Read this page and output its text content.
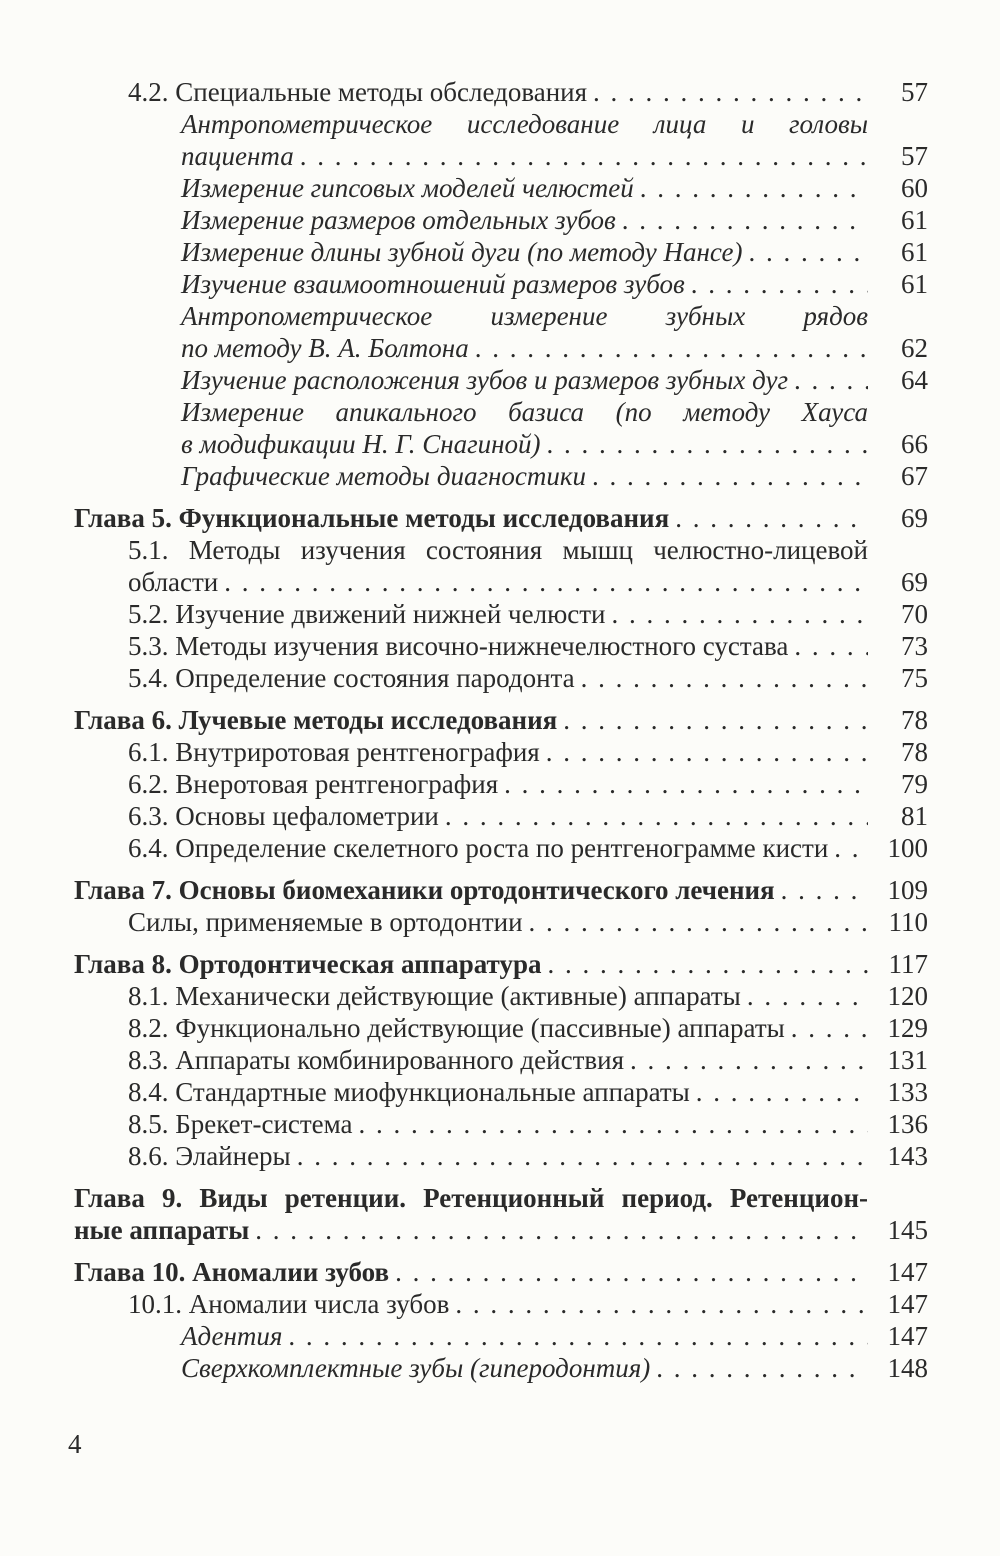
4.2. Специальные методы обследования . . .	57
Антропометрическое исследование лица и головы
пациента . . .	57
Измерение гипсовых моделей челюстей . . .	60
Измерение размеров отдельных зубов . . .	61
Измерение длины зубной дуги (по методу Нансе) . . .	61
Изучение взаимоотношений размеров зубов . . .	61
Антропометрическое измерение зубных рядов
по методу В. А. Болтона . . .	62
Изучение расположения зубов и размеров зубных дуг . . .	64
Измерение апикального базиса (по методу Хауса
в модификации Н. Г. Снагиной) . . .	66
Графические методы диагностики . . .	67
Глава 5. Функциональные методы исследования . . .	69
5.1. Методы изучения состояния мышц челюстно-лицевой
области . . .	69
5.2. Изучение движений нижней челюсти . . .	70
5.3. Методы изучения височно-нижнечелюстного сустава . . .	73
5.4. Определение состояния пародонта . . .	75
Глава 6. Лучевые методы исследования . . .	78
6.1. Внутриротовая рентгенография . . .	78
6.2. Внеротовая рентгенография . . .	79
6.3. Основы цефалометрии . . .	81
6.4. Определение скелетного роста по рентгенограмме кисти . . .	100
Глава 7. Основы биомеханики ортодонтического лечения . . .	109
Силы, применяемые в ортодонтии . . .	110
Глава 8. Ортодонтическая аппаратура . . .	117
8.1. Механически действующие (активные) аппараты . . .	120
8.2. Функционально действующие (пассивные) аппараты . . .	129
8.3. Аппараты комбинированного действия . . .	131
8.4. Стандартные миофункциональные аппараты . . .	133
8.5. Брекет-система . . .	136
8.6. Элайнеры . . .	143
Глава 9. Виды ретенции. Ретенционный период. Ретенцион-
ные аппараты . . .	145
Глава 10. Аномалии зубов . . .	147
10.1. Аномалии числа зубов . . .	147
Адентия . . .	147
Сверхкомплектные зубы (гиперодонтия) . . .	148
4
